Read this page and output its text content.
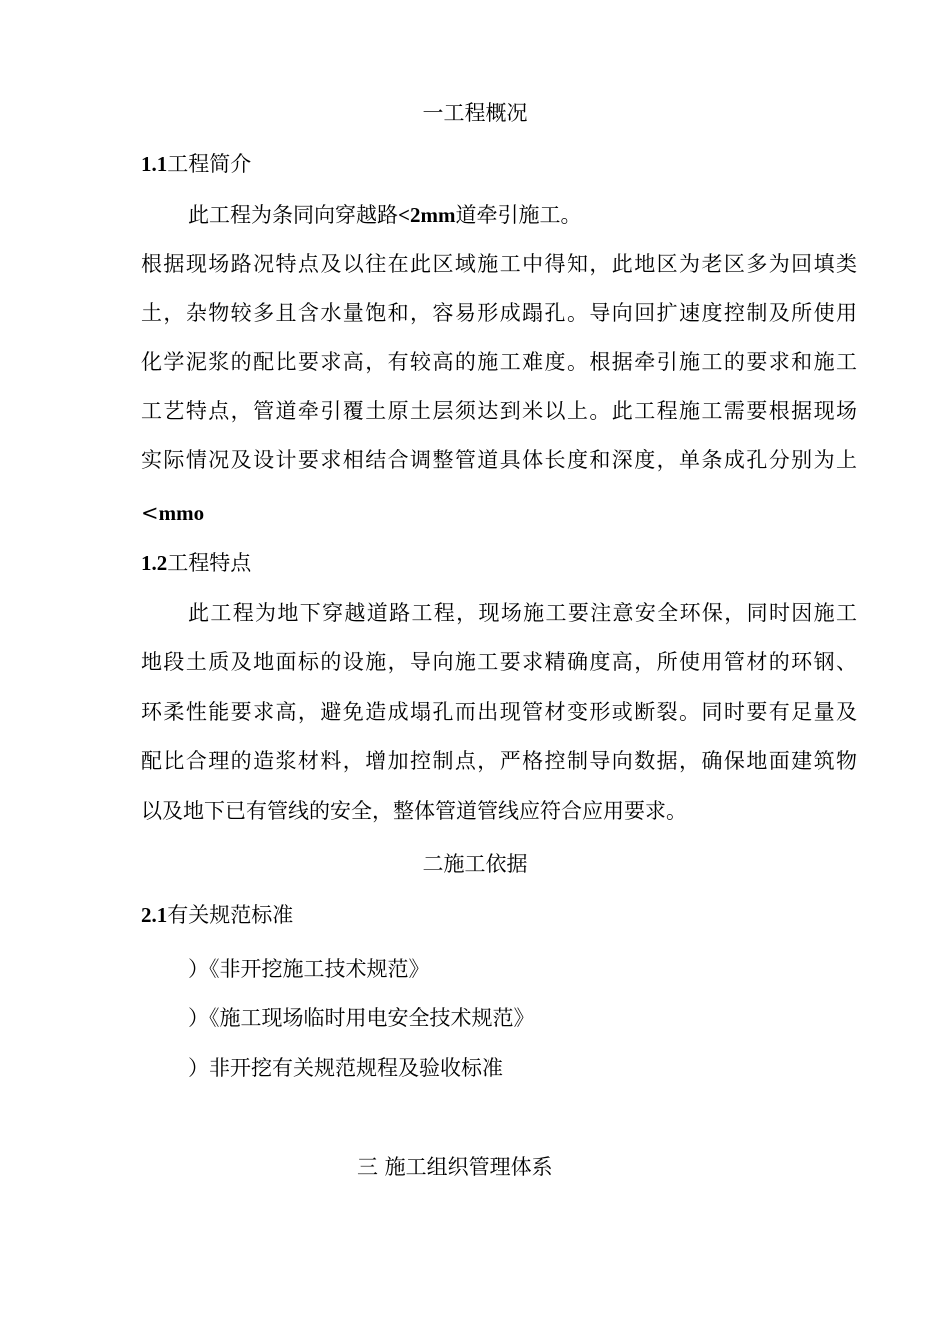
一工程概况
1.1工程简介
此工程为条同向穿越路<2mm道牵引施工。
根据现场路况特点及以往在此区域施工中得知，此地区为老区多为回填类
土，杂物较多且含水量饱和，容易形成蹋孔。导向回扩速度控制及所使用
化学泥浆的配比要求高，有较高的施工难度。根据牵引施工的要求和施工
工艺特点，管道牵引覆土原土层须达到米以上。此工程施工需要根据现场
实际情况及设计要求相结合调整管道具体长度和深度，单条成孔分别为上
<mmo
1.2工程特点
此工程为地下穿越道路工程，现场施工要注意安全环保，同时因施工
地段土质及地面标的设施，导向施工要求精确度高，所使用管材的环钢、
环柔性能要求高，避免造成塌孔而出现管材变形或断裂。同时要有足量及
配比合理的造浆材料，增加控制点，严格控制导向数据，确保地面建筑物
以及地下已有管线的安全，整体管道管线应符合应用要求。
二施工依据
2.1有关规范标准
）《非开挖施工技术规范》
）《施工现场临时用电安全技术规范》
）非开挖有关规范规程及验收标准
三 施工组织管理体系
